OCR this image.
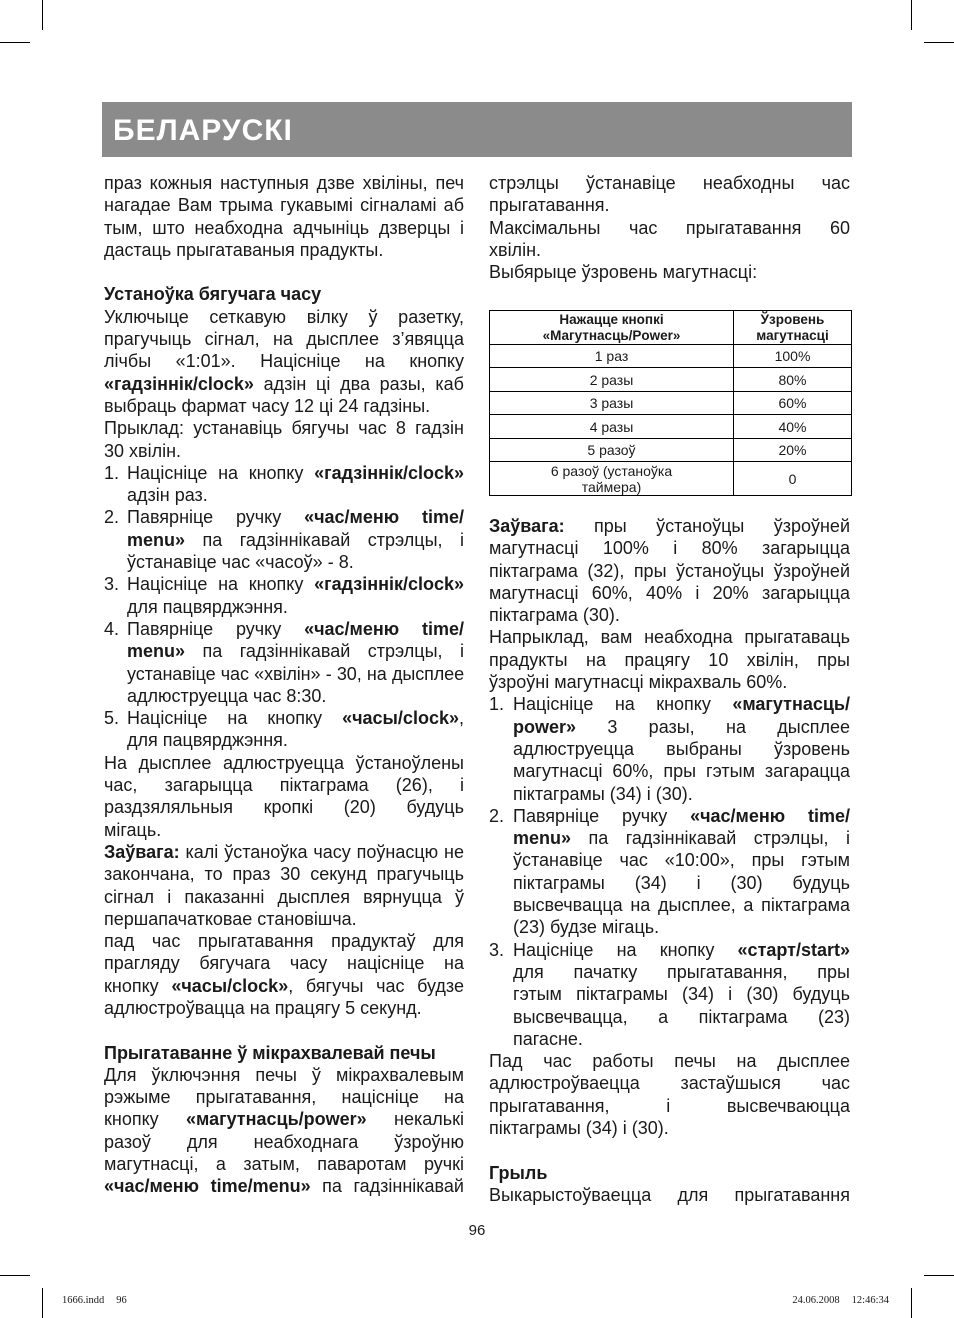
БЕЛАРУСКІ
праз кожныя наступныя дзве хвіліны, печ
нагадае Вам трыма гукавымі сігналамі аб
тым, што неабходна адчыніць дзверцы і
дастаць прыгатаваныя прадукты.
Устаноўка бягучага часу
Уключыце сеткавую вілку ў разетку,
прагучыць сігнал, на дысплее з’явяцца
лічбы «1:01». Націсніце на кнопку
«гадзіннік/clock» адзін ці два разы, каб
выбраць фармат часу 12 ці 24 гадзіны.
Прыклад: устанавіць бягучы час 8 гадзін
30 хвілін.
1. Націсніце на кнопку «гадзіннік/clock»
адзін раз.
2. Павярніце ручку «час/меню time/
menu» па гадзіннікавай стрэлцы, і
ўстанавіце час «часоў» - 8.
3. Націсніце на кнопку «гадзіннік/clock»
для пацвярджэння.
4. Павярніце ручку «час/меню time/
menu» па гадзіннікавай стрэлцы, і
устанавіце час «хвілін» - 30, на дысплее
адлюструецца час 8:30.
5. Націсніце на кнопку «часы/clock»,
для пацвярджэння.
На дысплее адлюструецца ўстаноўлены
час, загарыцца піктаграма (26), і
раздзяляльныя кропкі (20) будуць
мігаць.
Заўвага: калі ўстаноўка часу поўнасцю не
закончана, то праз 30 секунд прагучыць
сігнал і паказанні дысплея вярнуцца ў
першапачатковае становішча.
пад час прыгатавання прадуктаў для
прагляду бягучага часу націсніце на
кнопку «часы/clock», бягучы час будзе
адлюстроўвацца на працягу 5 секунд.
Прыгатаванне ў мікрахвалевай печы
Для ўключэння печы ў мікрахвалевым
рэжыме прыгатавання, націсніце на
кнопку «магутнасць/power» некалькі
разоў для неабходнага ўзроўню
магутнасці, а затым, паваротам ручкі
«час/меню time/menu» па гадзіннікавай
стрэлцы ўстанавіце неабходны час
прыгатавання.
Максімальны час прыгатавання 60
хвілін.
Выбярыце ўзровень магутнасці:
Нажацце кнопкі
«Магутнасць/Power»	Ўзровень
магутнасці

1 раз	100%
2 разы	80%
3 разы	60%
4 разы	40%
5 разоў	20%

6 разоў (устаноўка
таймера)	0
Заўвага: пры ўстаноўцы ўзроўней
магутнасці 100% і 80% загарыцца
піктаграма (32), пры ўстаноўцы ўзроўней
магутнасці 60%, 40% і 20% загарыцца
піктаграма (30).
Напрыклад, вам неабходна прыгатаваць
прадукты на працягу 10 хвілін, пры
ўзроўні магутнасці мікрахваль 60%.
1. Націсніце на кнопку «магутнасць/
power» 3 разы, на дысплее
адлюструецца выбраны ўзровень
магутнасці 60%, пры гэтым загарацца
піктаграмы (34) і (30).
2. Павярніце ручку «час/меню time/
menu» па гадзіннікавай стрэлцы, і
ўстанавіце час «10:00», пры гэтым
піктаграмы (34) і (30) будуць
высвечвацца на дысплее, а піктаграма
(23) будзе мігаць.
3. Націсніце на кнопку «старт/start»
для пачатку прыгатавання, пры
гэтым піктаграмы (34) і (30) будуць
высвечвацца, а піктаграма (23)
пагасне.
Пад час работы печы на дысплее
адлюстроўваецца застаўшыся час
прыгатавання, і высвечваюцца
піктаграмы (34) і (30).
Грыль
Выкарыстоўваецца для прыгатавання
96
1666.indd 96	24.06.2008 12:46:34
